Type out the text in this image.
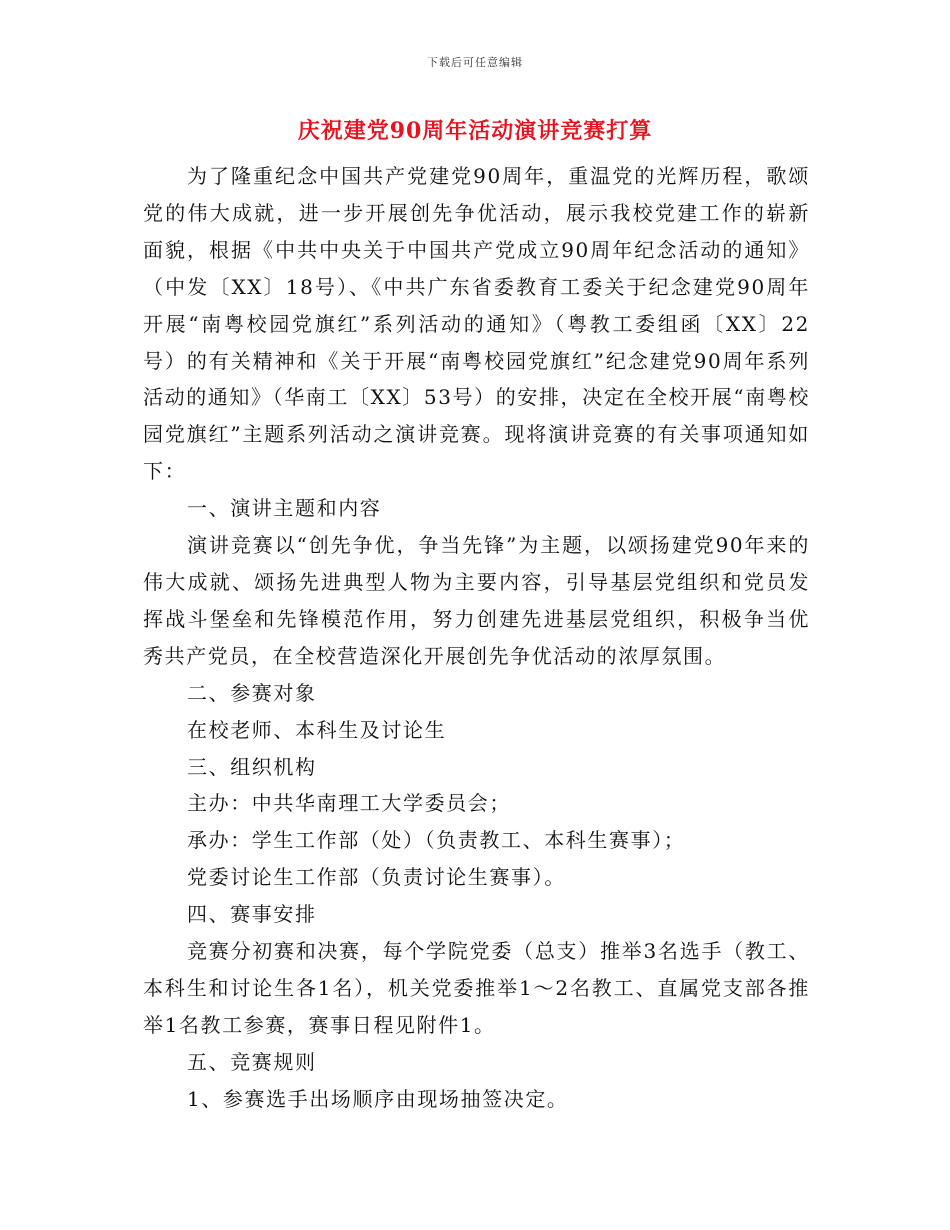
下载后可任意编辑
庆祝建党90周年活动演讲竞赛打算

为了隆重纪念中国共产党建党90周年，重温党的光辉历程，歌颂党的伟大成就，进一步开展创先争优活动，展示我校党建工作的崭新面貌，根据《中共中央关于中国共产党成立90周年纪念活动的通知》（中发〔XX〕18号）、《中共广东省委教育工委关于纪念建党90周年开展“南粤校园党旗红”系列活动的通知》（粤教工委组函〔XX〕22号）的有关精神和《关于开展“南粤校园党旗红”纪念建党90周年系列活动的通知》（华南工〔XX〕53号）的安排，决定在全校开展“南粤校园党旗红”主题系列活动之演讲竞赛。现将演讲竞赛的有关事项通知如下：

一、演讲主题和内容

演讲竞赛以“创先争优，争当先锋”为主题，以颂扬建党90年来的伟大成就、颂扬先进典型人物为主要内容，引导基层党组织和党员发挥战斗堡垒和先锋模范作用，努力创建先进基层党组织，积极争当优秀共产党员，在全校营造深化开展创先争优活动的浓厚氛围。

二、参赛对象

在校老师、本科生及讨论生

三、组织机构

主办：中共华南理工大学委员会；

承办：学生工作部（处）（负责教工、本科生赛事）；

党委讨论生工作部（负责讨论生赛事）。

四、赛事安排

竞赛分初赛和决赛，每个学院党委（总支）推举3名选手（教工、本科生和讨论生各1名），机关党委推举1～2名教工、直属党支部各推举1名教工参赛，赛事日程见附件1。

五、竞赛规则

1、参赛选手出场顺序由现场抽签决定。
